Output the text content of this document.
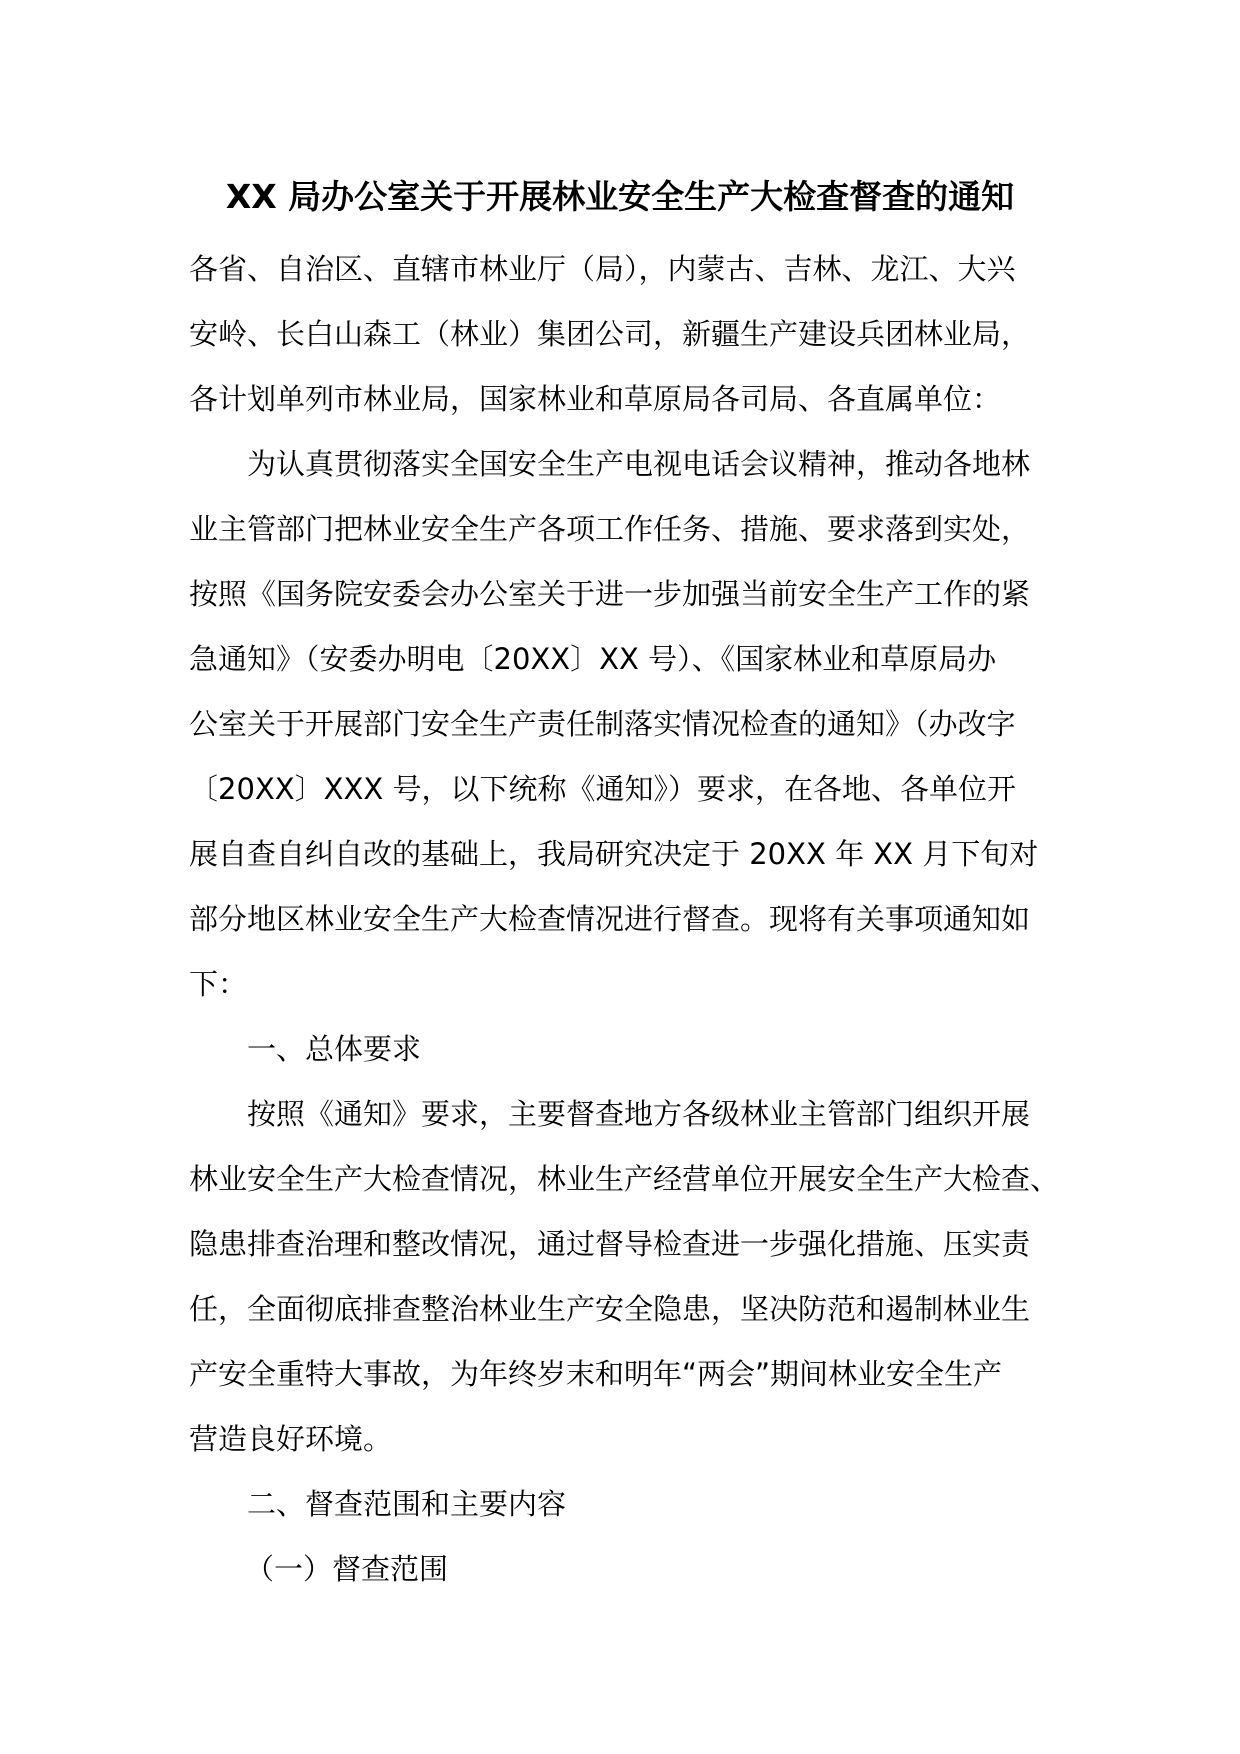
XX 局办公室关于开展林业安全生产大检查督查的通知
各省、自治区、直辖市林业厅（局），内蒙古、吉林、龙江、大兴
安岭、长白山森工（林业）集团公司，新疆生产建设兵团林业局，
各计划单列市林业局，国家林业和草原局各司局、各直属单位：
为认真贯彻落实全国安全生产电视电话会议精神，推动各地林
业主管部门把林业安全生产各项工作任务、措施、要求落到实处，
按照《国务院安委会办公室关于进一步加强当前安全生产工作的紧
急通知》（安委办明电〔20XX〕XX 号）、《国家林业和草原局办
公室关于开展部门安全生产责任制落实情况检查的通知》（办改字
〔20XX〕XXX 号，以下统称《通知》）要求，在各地、各单位开
展自查自纠自改的基础上，我局研究决定于 20XX 年 XX 月下旬对
部分地区林业安全生产大检查情况进行督查。现将有关事项通知如
下：
一、总体要求
按照《通知》要求，主要督查地方各级林业主管部门组织开展
林业安全生产大检查情况，林业生产经营单位开展安全生产大检查、
隐患排查治理和整改情况，通过督导检查进一步强化措施、压实责
任，全面彻底排查整治林业生产安全隐患，坚决防范和遏制林业生
产安全重特大事故，为年终岁末和明年“两会”期间林业安全生产
营造良好环境。
二、督查范围和主要内容
（一）督查范围
